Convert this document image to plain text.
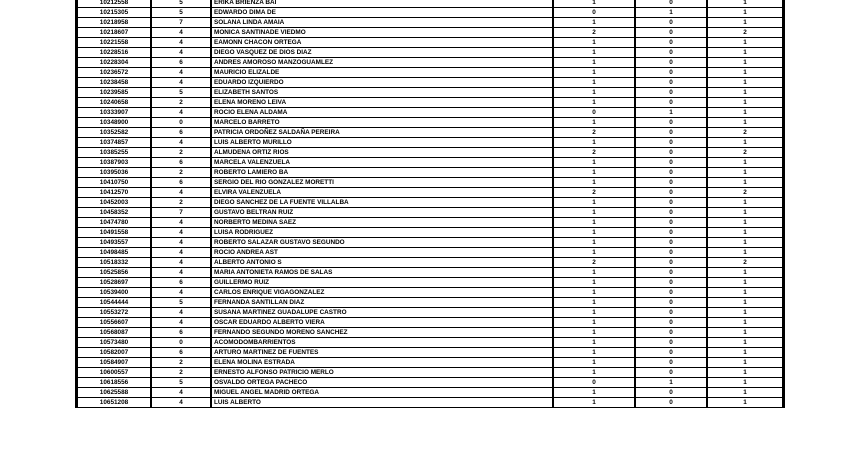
10212558	5	ERIKA BRIENZA BAI	1	0	1
10215305	5	EDWARDO DIMA DE	0	1	1
10218958	7	SOLANA LINDA AMAIA	1	0	1
10218607	4	MONICA SANTINADE VIEDMO	2	0	2
10221558	4	EAMONN CHACON ORTEGA	1	0	1
10228516	4	DIEGO VASQUEZ DE DIOS DIAZ	1	0	1
10228304	6	ANDRES AMOROSO MANZOGUAMLEZ	1	0	1
10236572	4	MAURICIO ELIZALDE	1	0	1
10238458	4	EDUARDO IZQUIERDO	1	0	1
10239585	5	ELIZABETH SANTOS	1	0	1
10240658	2	ELENA MORENO LEIVA	1	0	1
10333907	4	ROCIO ELENA ALDAMA	0	1	1
10348900	0	MARCELO BARRETO	1	0	1
10352582	6	PATRICIA ORDOÑEZ SALDAÑA PEREIRA	2	0	2
10374857	4	LUIS ALBERTO MURILLO	1	0	1
10385255	2	ALMUDENA ORTIZ RIOS	2	0	2
10387903	6	MARCELA VALENZUELA	1	0	1
10395036	2	ROBERTO LAMIERO BA	1	0	1
10410750	6	SERGIO DEL RIO GONZALEZ MORETTI	1	0	1
10412570	4	ELVIRA VALENZUELA	2	0	2
10452003	2	DIEGO SANCHEZ DE LA FUENTE VILLALBA	1	0	1
10458352	7	GUSTAVO BELTRAN RUIZ	1	0	1
10474780	4	NORBERTO MEDINA SAEZ	1	0	1
10491558	4	LUISA RODRIGUEZ	1	0	1
10493557	4	ROBERTO SALAZAR GUSTAVO SEGUNDO	1	0	1
10498485	4	ROCIO ANDREA AST	1	0	1
10518332	4	ALBERTO ANTONIO S	2	0	2
10525856	4	MARIA ANTONIETA RAMOS DE SALAS	1	0	1
10528697	6	GUILLERMO RUIZ	1	0	1
10539400	4	CARLOS ENRIQUE VIGAGONZALEZ	1	0	1
10544444	5	FERNANDA SANTILLAN DIAZ	1	0	1
10553272	4	SUSANA MARTINEZ GUADALUPE CASTRO	1	0	1
10556607	4	OSCAR EDUARDO ALBERTO VIERA	1	0	1
10568087	6	FERNANDO SEGUNDO MORENO SANCHEZ	1	0	1
10573480	0	ACOMODOMBARRIENTOS	1	0	1
10582007	6	ARTURO MARTINEZ DE FUENTES	1	0	1
10584907	2	ELENA MOLINA ESTRADA	1	0	1
10600557	2	ERNESTO ALFONSO PATRICIO MERLO	1	0	1
10618556	5	OSVALDO ORTEGA PACHECO	0	1	1
10625588	4	MIGUEL ANGEL MADRID ORTEGA	1	0	1
10651208	4	LUIS ALBERTO	1	0	1
